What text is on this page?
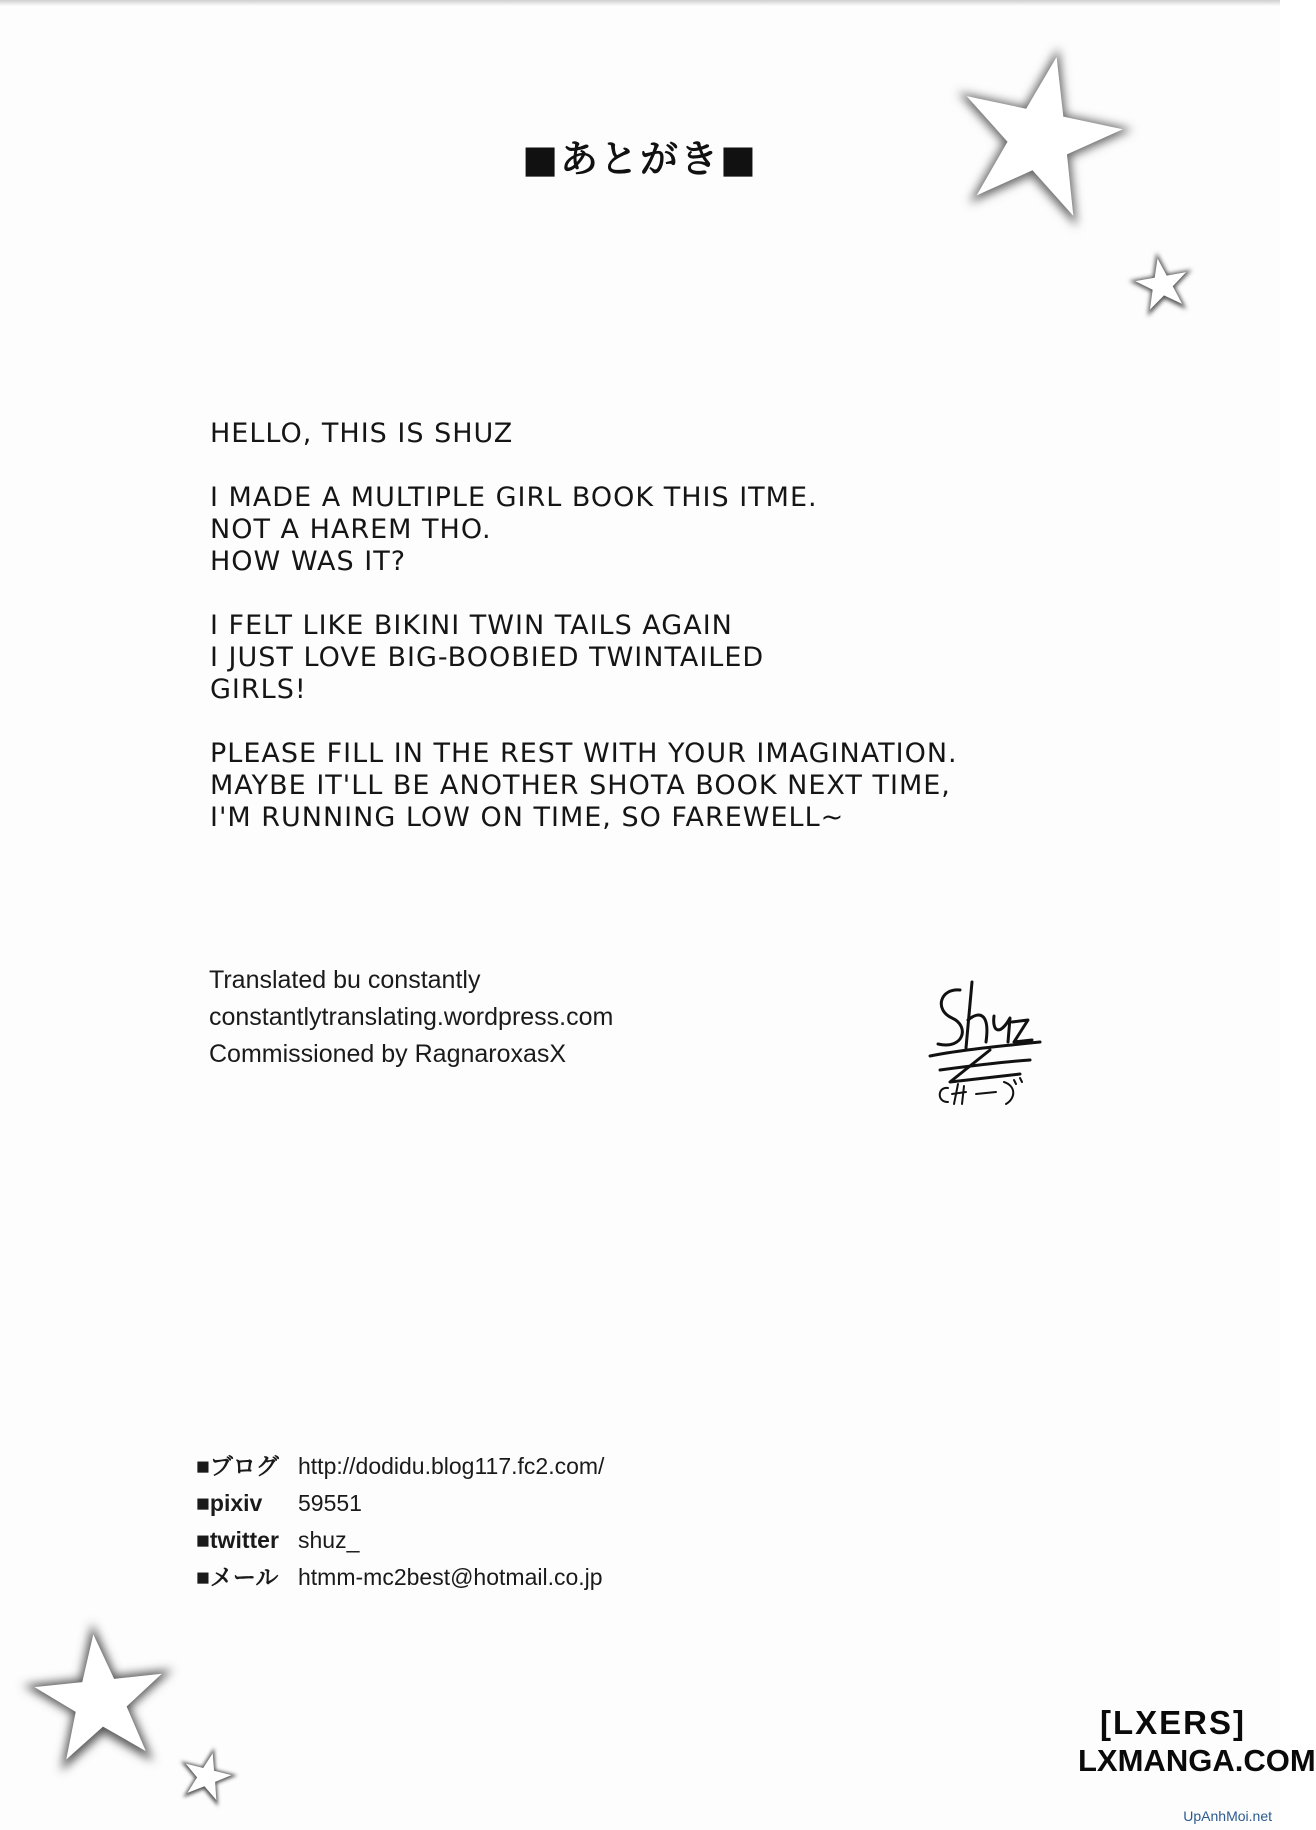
■あとがき■
HELLO, THIS IS SHUZ
I MADE A MULTIPLE GIRL BOOK THIS ITME.
NOT A HAREM THO.
HOW WAS IT?
I FELT LIKE BIKINI TWIN TAILS AGAIN
I JUST LOVE BIG-BOOBIED TWINTAILED
GIRLS!
PLEASE FILL IN THE REST WITH YOUR IMAGINATION.
MAYBE IT'LL BE ANOTHER SHOTA BOOK NEXT TIME,
I'M RUNNING LOW ON TIME, SO FAREWELL~
Translated bu constantly
constantlytranslating.wordpress.com
Commissioned by RagnaroxasX
■ブログ http://dodidu.blog117.fc2.com/
■pixiv	59551
■twitter shuz_
■メール htmm-mc2best@hotmail.co.jp
[LXERS]
LXMANGA.COM
UpAnhMoi.net
